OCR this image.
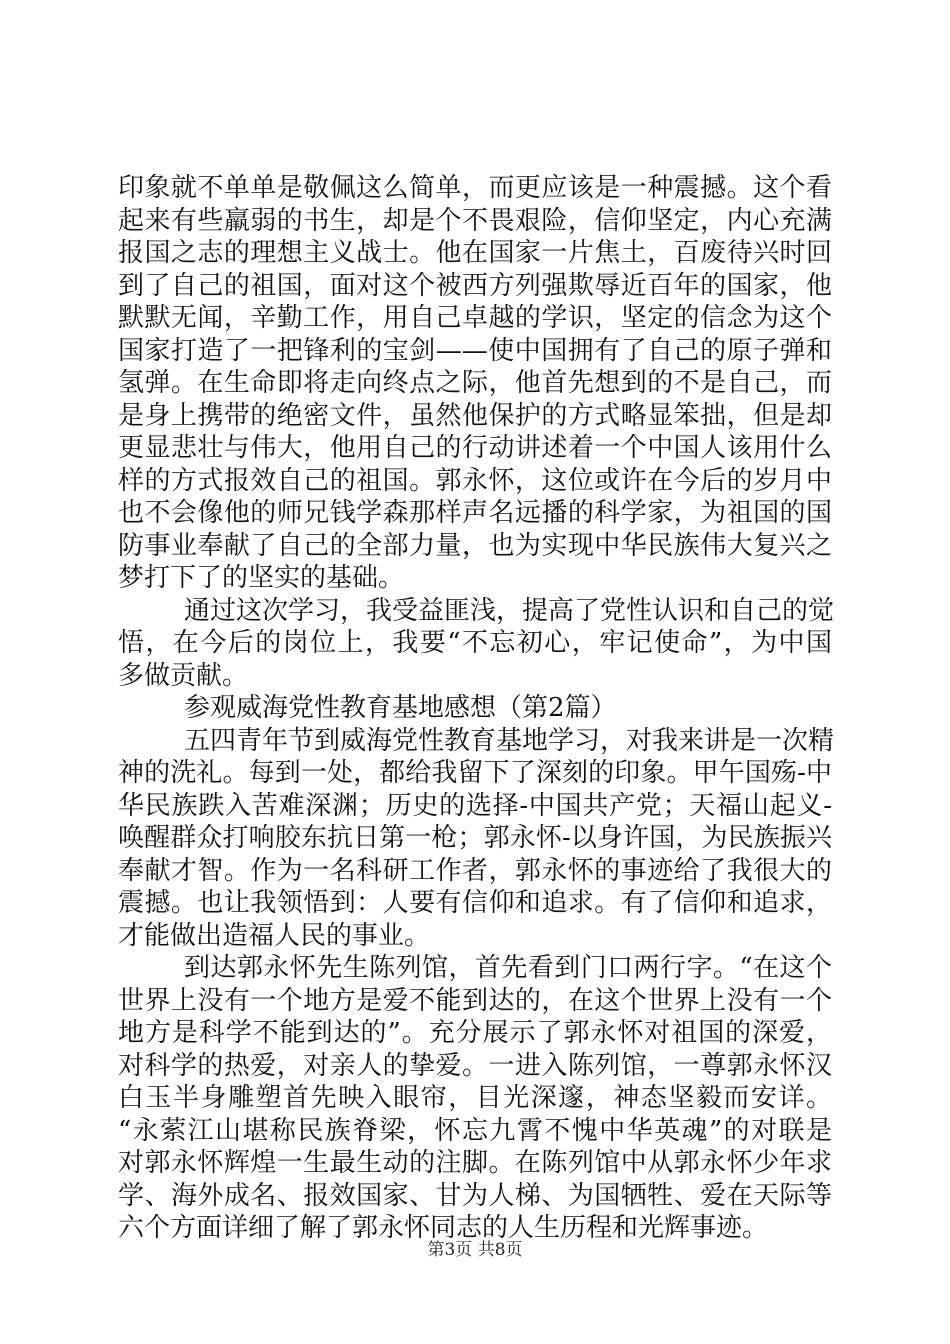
印象就不单单是敬佩这么简单，而更应该是一种震撼。这个看
起来有些羸弱的书生，却是个不畏艰险，信仰坚定，内心充满
报国之志的理想主义战士。他在国家一片焦土，百废待兴时回
到了自己的祖国，面对这个被西方列强欺辱近百年的国家，他
默默无闻，辛勤工作，用自己卓越的学识，坚定的信念为这个
国家打造了一把锋利的宝剑——使中国拥有了自己的原子弹和
氢弹。在生命即将走向终点之际，他首先想到的不是自己，而
是身上携带的绝密文件，虽然他保护的方式略显笨拙，但是却
更显悲壮与伟大，他用自己的行动讲述着一个中国人该用什么
样的方式报效自己的祖国。郭永怀，这位或许在今后的岁月中
也不会像他的师兄钱学森那样声名远播的科学家，为祖国的国
防事业奉献了自己的全部力量，也为实现中华民族伟大复兴之
梦打下了的坚实的基础。
通过这次学习，我受益匪浅，提高了党性认识和自己的觉
悟，在今后的岗位上，我要“不忘初心，牢记使命”，为中国
多做贡献。
参观威海党性教育基地感想（第2篇）
五四青年节到威海党性教育基地学习，对我来讲是一次精
神的洗礼。每到一处，都给我留下了深刻的印象。甲午国殇-中
华民族跌入苦难深渊；历史的选择-中国共产党；天福山起义-
唤醒群众打响胶东抗日第一枪；郭永怀-以身许国，为民族振兴
奉献才智。作为一名科研工作者，郭永怀的事迹给了我很大的
震撼。也让我领悟到：人要有信仰和追求。有了信仰和追求，
才能做出造福人民的事业。
到达郭永怀先生陈列馆，首先看到门口两行字。“在这个
世界上没有一个地方是爱不能到达的，在这个世界上没有一个
地方是科学不能到达的”。充分展示了郭永怀对祖国的深爱，
对科学的热爱，对亲人的挚爱。一进入陈列馆，一尊郭永怀汉
白玉半身雕塑首先映入眼帘，目光深邃，神态坚毅而安详。
“永萦江山堪称民族脊梁，怀忘九霄不愧中华英魂”的对联是
对郭永怀辉煌一生最生动的注脚。在陈列馆中从郭永怀少年求
学、海外成名、报效国家、甘为人梯、为国牺牲、爱在天际等
六个方面详细了解了郭永怀同志的人生历程和光辉事迹。
第3页 共8页
